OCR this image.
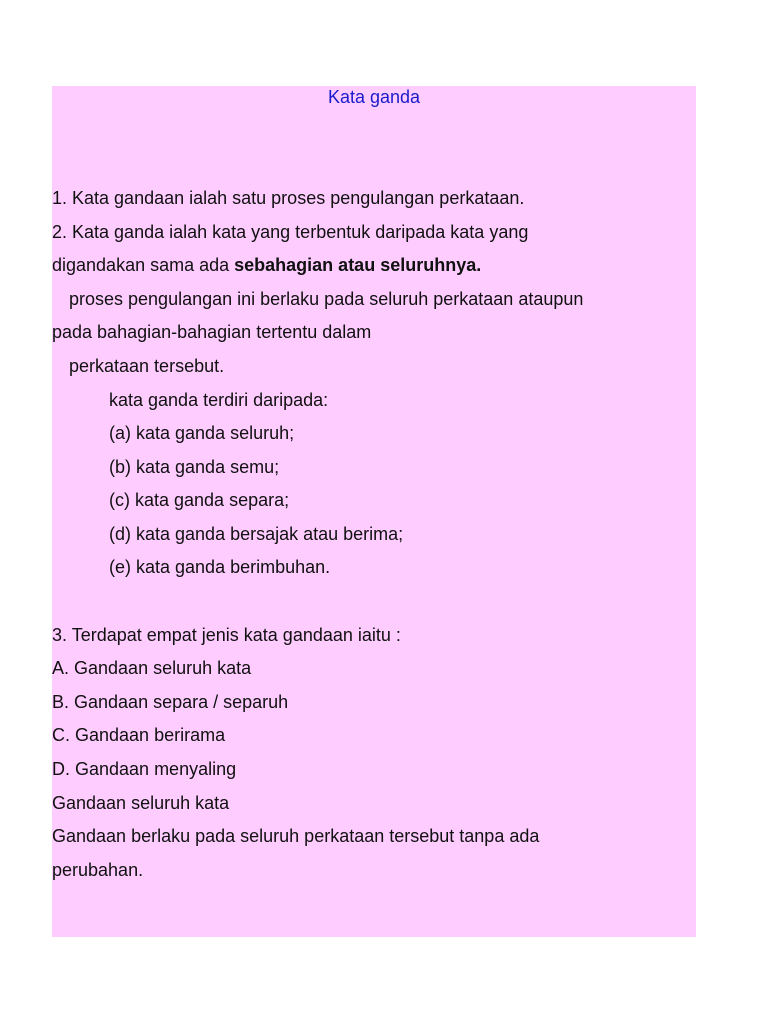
Kata ganda
1. Kata gandaan ialah satu proses pengulangan perkataan.
2. Kata ganda ialah kata yang terbentuk daripada kata yang
digandakan sama ada sebahagian atau seluruhnya.
proses pengulangan ini berlaku pada seluruh perkataan ataupun
pada bahagian-bahagian tertentu dalam
perkataan tersebut.
kata ganda terdiri daripada:
(a) kata ganda seluruh;
(b) kata ganda semu;
(c) kata ganda separa;
(d) kata ganda bersajak atau berima;
(e) kata ganda berimbuhan.
3. Terdapat empat jenis kata gandaan iaitu :
A. Gandaan seluruh kata
B. Gandaan separa / separuh
C. Gandaan berirama
D. Gandaan menyaling
Gandaan seluruh kata
Gandaan berlaku pada seluruh perkataan tersebut tanpa ada
perubahan.
